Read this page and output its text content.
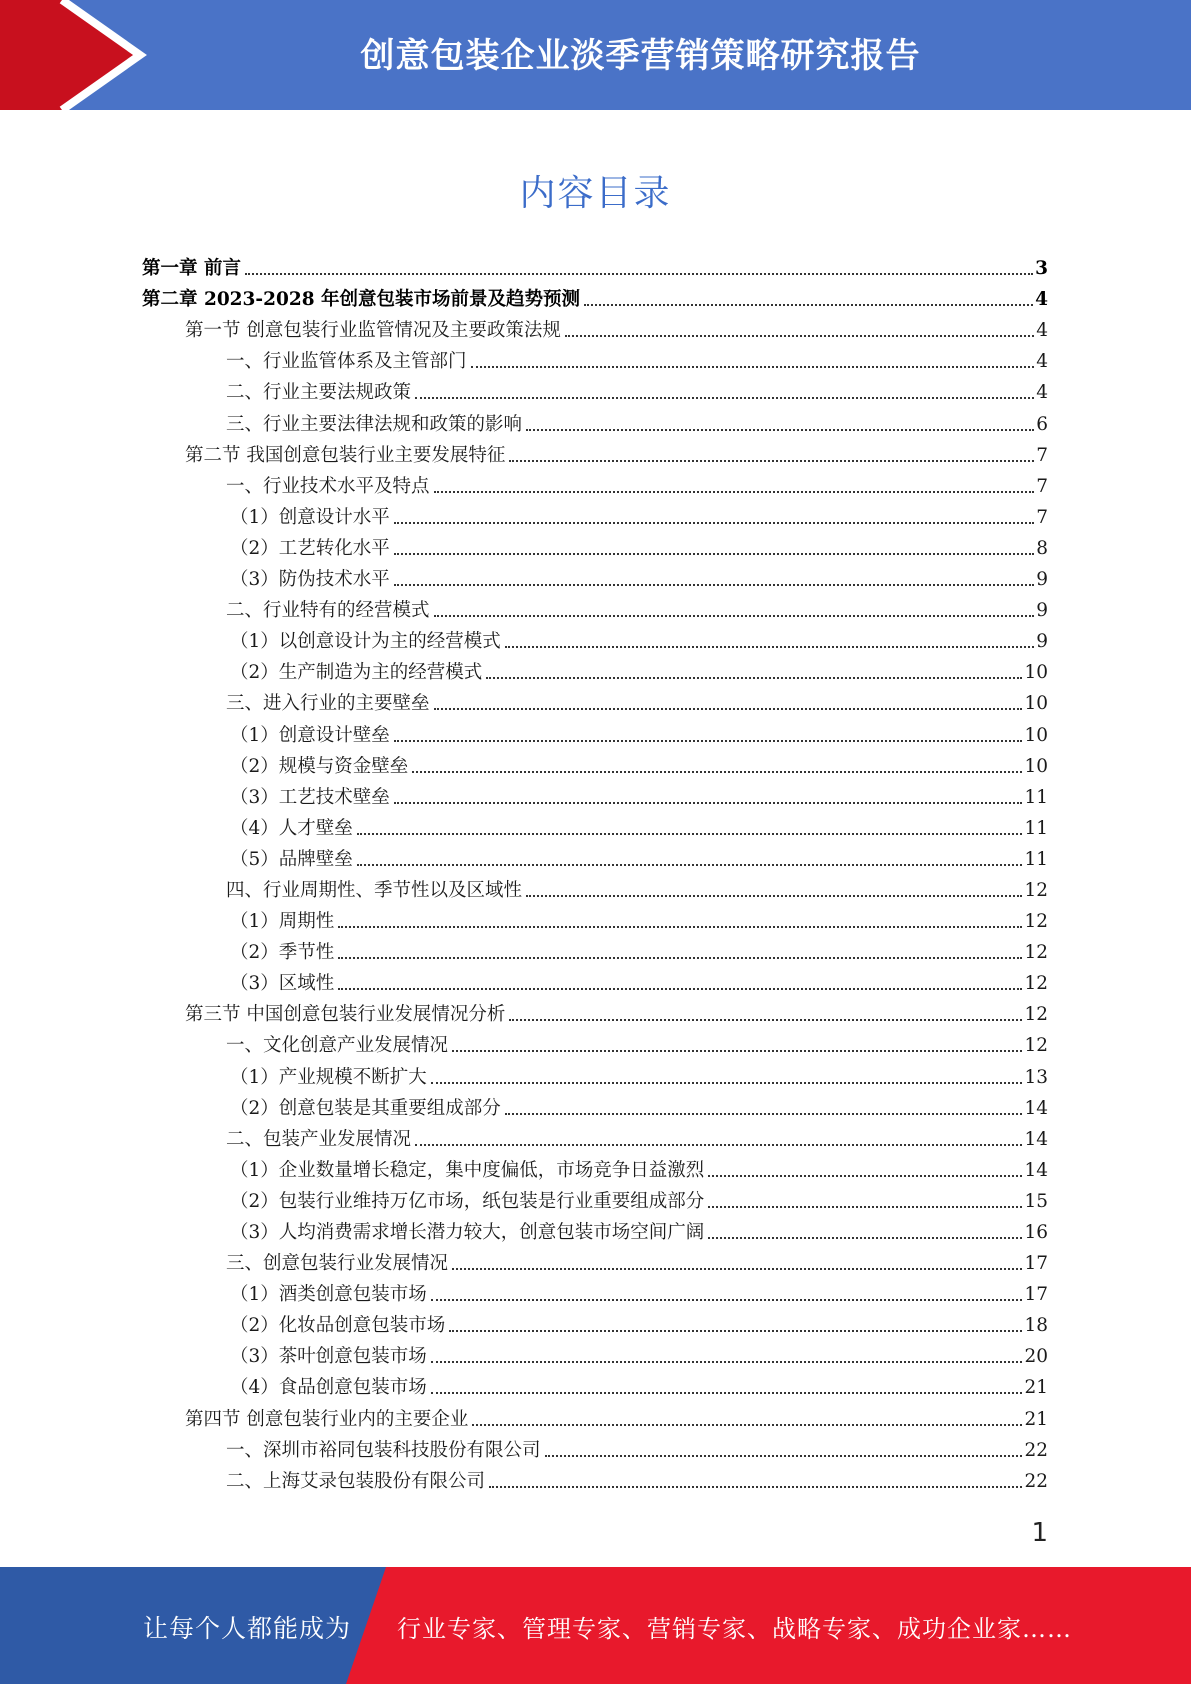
创意包装企业淡季营销策略研究报告
内容目录
第一章 前言	3
第二章 2023-2028 年创意包装市场前景及趋势预测	4
第一节 创意包装行业监管情况及主要政策法规	4
一、行业监管体系及主管部门	4
二、行业主要法规政策	4
三、行业主要法律法规和政策的影响	6
第二节 我国创意包装行业主要发展特征	7
一、行业技术水平及特点	7
（1）创意设计水平	7
（2）工艺转化水平	8
（3）防伪技术水平	9
二、行业特有的经营模式	9
（1）以创意设计为主的经营模式	9
（2）生产制造为主的经营模式	10
三、进入行业的主要壁垒	10
（1）创意设计壁垒	10
（2）规模与资金壁垒	10
（3）工艺技术壁垒	11
（4）人才壁垒	11
（5）品牌壁垒	11
四、行业周期性、季节性以及区域性	12
（1）周期性	12
（2）季节性	12
（3）区域性	12
第三节 中国创意包装行业发展情况分析	12
一、文化创意产业发展情况	12
（1）产业规模不断扩大	13
（2）创意包装是其重要组成部分	14
二、包装产业发展情况	14
（1）企业数量增长稳定，集中度偏低，市场竞争日益激烈	14
（2）包装行业维持万亿市场，纸包装是行业重要组成部分	15
（3）人均消费需求增长潜力较大，创意包装市场空间广阔	16
三、创意包装行业发展情况	17
（1）酒类创意包装市场	17
（2）化妆品创意包装市场	18
（3）茶叶创意包装市场	20
（4）食品创意包装市场	21
第四节 创意包装行业内的主要企业	21
一、深圳市裕同包装科技股份有限公司	22
二、上海艾录包装股份有限公司	22
1
让每个人都能成为 行业专家、管理专家、营销专家、战略专家、成功企业家……
